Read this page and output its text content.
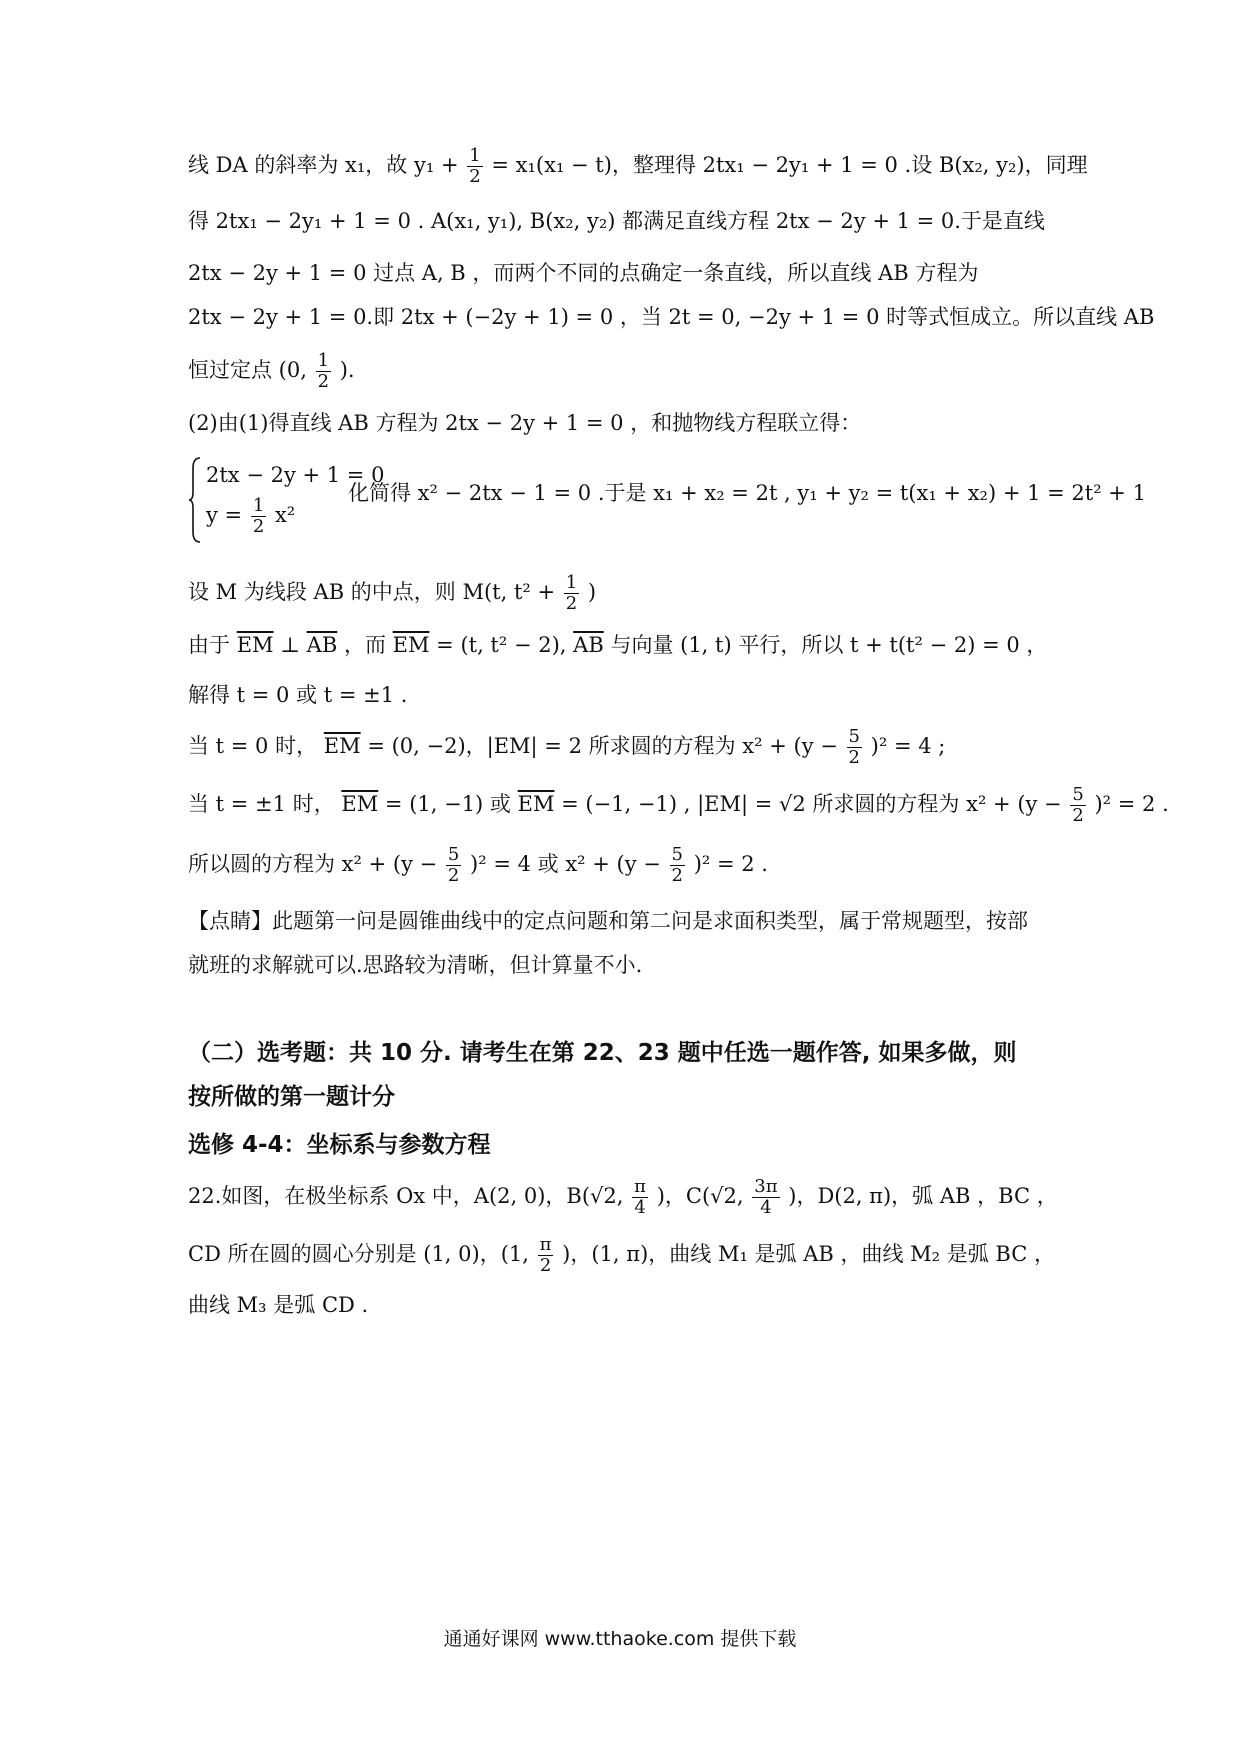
线 DA 的斜率为 x₁，故 $y_1 + \frac{1}{2} = x_1(x_1 - t)$，整理得 2tx₁ − 2y₁ + 1 = 0 .设 B(x₂, y₂)，同理
得 2tx₁ − 2y₁ + 1 = 0 . A(x₁, y₁), B(x₂, y₂) 都满足直线方程 2tx − 2y + 1 = 0.于是直线
2tx − 2y + 1 = 0 过点 A, B ，而两个不同的点确定一条直线，所以直线 AB 方程为
2tx − 2y + 1 = 0.即 2tx + (−2y + 1) = 0 ，当 2t = 0, −2y + 1 = 0 时等式恒成立。所以直线 AB
恒过定点 (0, $\frac{1}{2}$ ).
(2)由(1)得直线 AB 方程为 2tx − 2y + 1 = 0 ，和抛物线方程联立得：
2tx − 2y + 1 = 0
$y = \frac{1}{2} x^2$
化简得 x² − 2tx − 1 = 0 .于是 x₁ + x₂ = 2t , y₁ + y₂ = t(x₁ + x₂) + 1 = 2t² + 1
设 M 为线段 AB 的中点，则 M(t, $t^2 + \frac{1}{2}$ )
由于 $\overline{EM}$ ⊥ $\overline{AB}$ ，而 $\overline{EM} = (t$, t² − 2), $\overline{AB}$ 与向量 (1, t) 平行，所以 t + t(t² − 2) = 0 ，
解得 t = 0 或 t = ±1 .
当 t = 0 时， $\overline{EM} = (0$, −2)，|EM| = 2 所求圆的方程为 $x^2 + (y - \frac{5}{2} )^2 = 4$ ;
当 t = ±1 时， $\overline{EM} = (1$, −1) 或 $\overline{EM} = (-1$, −1) , |EM| = √2 所求圆的方程为 $x^2 + (y - \frac{5}{2} )^2 = 2$ .
所以圆的方程为 $x^2 + (y - \frac{5}{2} )^2 = 4$ 或 $x^2 + (y - \frac{5}{2} )^2 = 2$ .
【点睛】此题第一问是圆锥曲线中的定点问题和第二问是求面积类型，属于常规题型，按部
就班的求解就可以.思路较为清晰，但计算量不小.
（二）选考题：共 10 分. 请考生在第 22、23 题中任选一题作答, 如果多做，则
按所做的第一题计分
选修 4-4：坐标系与参数方程
22.如图，在极坐标系 Ox 中，A(2, 0)，B(√2, $\frac{\pi}{4}$ )，C(√2, $\frac{3\pi}{4}$ )，D(2, π)，弧 AB ，BC ，
CD 所在圆的圆心分别是 (1, 0)，(1, $\frac{\pi}{2}$ )，(1, π)，曲线 M₁ 是弧 AB ，曲线 M₂ 是弧 BC ，
曲线 M₃ 是弧 CD .
通通好课网 www.tthaoke.com 提供下载
